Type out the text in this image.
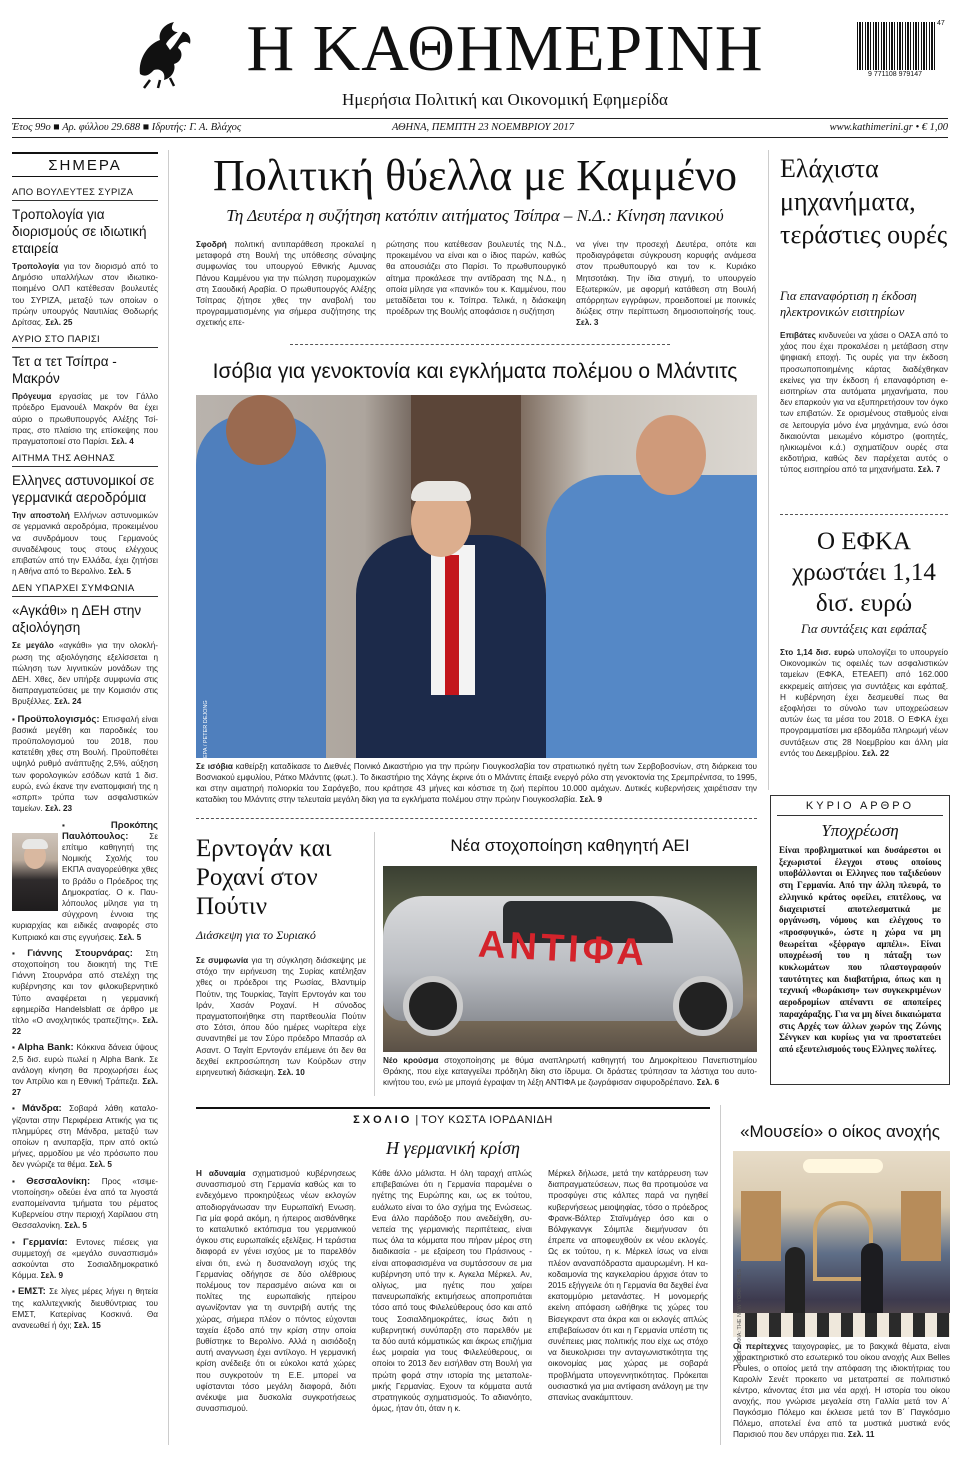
Η ΚΑΘΗΜΕΡΙΝΗ
Ημερήσια Πολιτική και Οικονομική Εφημερίδα
9 771108 979147
47
Έτος 99ο ■ Αρ. φύλλου 29.688 ■ Ιδρυτής: Γ. Α. Βλάχος	ΑΘΗΝΑ, ΠΕΜΠΤΗ 23 ΝΟΕΜΒΡΙΟΥ 2017	www.kathimerini.gr • € 1,00
ΣΗΜΕΡΑ
ΑΠΟ ΒΟΥΛΕΥΤΕΣ ΣΥΡΙΖΑ
Τροπολογία για διορισμούς σε ιδιωτική εταιρεία
Τροπολογία για τον διορισμό από το Δημόσιο υπαλλήλων στον ιδιωτικοποιημένο ΟΛΠ κατέθεσαν βουλευτές του ΣΥΡΙΖΑ, μεταξύ των οποίων ο πρώην υπουργός Ναυτιλίας Θοδωρής Δρίτσας. Σελ. 25
ΑΥΡΙΟ ΣΤΟ ΠΑΡΙΣΙ
Τετ α τετ Τσίπρα - Μακρόν
Πρόγευμα εργασίας με τον Γάλλο πρόεδρο Εμανουέλ Μακρόν θα έχει αύριο ο πρωθυπουργός Αλέξης Τσίπρας, στο πλαίσιο της επίσκεψης που πραγματοποιεί στο Παρίσι. Σελ. 4
ΑΙΤΗΜΑ ΤΗΣ ΑΘΗΝΑΣ
Ελληνες αστυνομικοί σε γερμανικά αεροδρόμια
Την αποστολή Ελλήνων αστυνομικών σε γερμανικά αεροδρόμια, προκειμένου να συνδράμουν τους Γερμανούς συναδέλφους τους στους ελέγχους επιβατών από την Ελλάδα, έχει ζητήσει η Αθήνα από το Βερολίνο. Σελ. 5
ΔΕΝ ΥΠΑΡΧΕΙ ΣΥΜΦΩΝΙΑ
«Αγκάθι» η ΔΕΗ στην αξιολόγηση
Σε μεγάλο «αγκάθι» για την ολοκλήρωση της αξιολόγησης εξελίσσεται η πώληση των λιγνιτικών μονάδων της ΔΕΗ. Χθες, δεν υπήρξε συμφωνία στις διαπραγματεύσεις με την Κομισιόν στις Βρυξέλλες. Σελ. 24
▪ Προϋπολογισμός: Επισφαλή είναι βασικά μεγέθη και παροδικές του προϋπολογισμού του 2018, που κατετέθη χθες στη Βουλή. Προϋποθέτει υψηλό ρυθμό ανάπτυξης 2,5%, αύξηση των φορολογικών εσόδων κατά 1 δισ. ευρώ, ενώ έκανε την εναπομφισιή της η «σπρπ» τρύπα των ασφαλιστικών ταμείων. Σελ. 23
▪ Προκόπης Παυλόπουλος: Σε επίτιμο καθηγητή της Νομικής Σχολής του ΕΚΠΑ αναγορεύθηκε χθες το βράδυ ο Πρόεδρος της Δημοκρατίας. Ο κ. Παυλόπουλος μίλησε για τη σύγχρονη έννοια της κυριαρχίας και ειδικές αναφορές στο Κυπριακό και στις εγγυήσεις. Σελ. 5
▪ Γιάννης Στουρνάρας: Στη στοχοποίηση του διοικητή της ΤτΕ Γιάννη Στουρνάρα από στελέχη της κυβέρνησης και τον φιλοκυβερνητικό Τύπο αναφέρεται η γερμανική εφημερίδα Handelsblatt σε άρθρο με τίτλο «Ο ανοχλητικός τραπεζίτης». Σελ. 22
▪ Alpha Bank: Κόκκινα δάνεια ύψους 2,5 δισ. ευρώ πωλεί η Alpha Bank. Σε ανάλογη κίνηση θα προχωρήσει έως τον Απρίλιο και η Εθνική Τράπεζα. Σελ. 27
▪ Μάνδρα: Σοβαρά λάθη καταλογίζονται στην Περιφέρεια Αττικής για τις πλημμύρες στη Μάνδρα, μεταξύ των οποίων η ανυπαρξία, πριν από οκτώ μήνες, αρμοδίου με νέο πρόσωπο που δεν γνώριζε τα θέμα. Σελ. 5
▪ Θεσσαλονίκη: Προς «τσιμεντοποίηση» οδεύει ένα από τα λιγοστά εναπομείναντα τμήματα του ρέματος Κυβερνείου στην περιοχή Χαρίλαου στη Θεσσαλονίκη. Σελ. 5
▪ Γερμανία: Εντονες πιέσεις για συμμετοχή σε «μεγάλο συνασπισμό» ασκούνται στο Σοσιαλδημοκρατικό Κόμμα. Σελ. 9
▪ ΕΜΣΤ: Σε λίγες μέρες λήγει η θητεία της καλλιτεχνικής διευθύντριας του ΕΜΣΤ, Κατερίνας Κοσκινά. Θα ανανεωθεί ή όχι; Σελ. 15
Πολιτική θύελλα με Καμμένο
Τη Δευτέρα η συζήτηση κατόπιν αιτήματος Τσίπρα – Ν.Δ.: Κίνηση πανικού
Σφοδρή πολιτική αντιπαράθεση προκαλεί η μεταφορά στη Βουλή της υπόθεσης σύναψης συμφωνίας του υπουργού Εθνικής Αμυνας Πάνου Καμμένου για την πώληση πυρομαχικών στη Σαουδική Αραβία. Ο πρωθυπουργός Αλέξης Τσίπρας ζήτησε χθες την αναβολή του προγραμματισμένης για σήμερα συζήτησης της σχετικής επε-
ρώτησης που κατέθεσαν βουλευτές της Ν.Δ., προκειμένου να είναι και ο ίδιος παρών, καθώς θα απουσιάζει στο Παρίσι. Το πρωθυπουργικό αίτημα προκάλεσε την αντίδραση της Ν.Δ., η οποία μίλησε για «πανικό» του κ. Καμμένου, που μεταδίδεται του κ. Τσίπρα. Τελικά, η διάσκεψη προέδρων της Βουλής αποφάσισε η συζήτηση
να γίνει την προσεχή Δευτέρα, οπότε και προδιαγράφεται σύγκρουση κορυφής ανάμεσα στον πρωθυπουργό και τον κ. Κυριάκο Μητσοτάκη. Την ίδια στιγμή, το υπουργείο Εξωτερικών, με αφορμή κατάθεση στη Βουλή απόρρητων εγγράφων, προειδοποιεί με ποινικές διώξεις στην περίπτωση δημοσιοποίησής τους. Σελ. 3
Ισόβια για γενοκτονία και εγκλήματα πολέμου ο Μλάντιτς
EPA / PETER DEJONG
Σε ισόβια καθείρξη καταδίκασε το Διεθνές Ποινικό Δικαστήριο για την πρώην Γιουγκοσλαβία τον στρατιωτικό ηγέτη των Σερβοβοσνίων, στη διάρκεια του Βοσνιακού εμφυλίου, Ράτκο Μλάντιτς (φωτ.). Το δικαστήριο της Χάγης έκρινε ότι ο Μλάντιτς έπαιξε ενεργό ρόλο στη γενοκτονία της Σρεμπρένιτσα, το 1995, και στην αιματηρή πολιορκία του Σαράγεβο, που κράτησε 43 μήνες και κόστισε τη ζωή περίπου 10.000 αμάχων. Δυτικές κυβερνήσεις χαιρέτισαν την καταδίκη του Μλάντιτς στην τελευταία μεγάλη δίκη για τα εγκλήματα πολέμου στην πρώην Γιουγκοσλαβία. Σελ. 9
Ερντογάν και Ροχανί στον Πούτιν
Διάσκεψη για το Συριακό
Σε συμφωνία για τη σύγκληση διάσκεψης με στόχο την ειρήνευση της Συρίας κατέληξαν χθες οι πρόεδροι της Ρωσίας, Βλαντιμίρ Πούτιν, της Τουρκίας, Ταγίπ Ερντογάν και του Ιράν, Χασάν Ροχανί. Η σύνοδος πραγματοποιήθηκε στη παρτθεουλία Πούτιν στο Σότσι, όπου δύο ημέρες νωρίτερα είχε συναντηθεί με τον Σύρο πρόεδρο Μπασάρ αλ Ασαντ. Ο Ταγίπ Ερντογάν επέμεινε ότι δεν θα δεχθεί εκπροσώπηση των Κούρδων στην ειρηνευτική διάσκεψη. Σελ. 10
Νέα στοχοποίηση καθηγητή ΑΕΙ
ΑΝΤΙΦΑ
Νέο κρούσμα στοχοποίησης με θύμα αναπληρωτή καθηγητή του Δημοκρίτειου Πανεπιστημίου Θράκης, που είχε καταγγείλει πρόδηλη δίκη στο ίδρυμα. Οι δράστες τρύπησαν τα λάστιχα του αυτοκινήτου του, ενώ με μπογιά έγραψαν τη λέξη ΑΝΤΙΦΑ με ζωγράφισαν σιφυροδρέπανο. Σελ. 6
Ελάχιστα μηχανήματα, τεράστιες ουρές
Για επαναφόρτιση η έκδοση ηλεκτρονικών εισιτηρίων
Επιβάτες κινδυνεύει να χάσει ο ΟΑΣΑ από το χάος που έχει προκαλέσει η μετάβαση στην ψηφιακή εποχή. Τις ουρές για την έκδοση προσωποποιημένης κάρτας διαδέχθηκαν εκείνες για την έκδοση ή επαναφόρτιση e-εισιτηρίων στα αυτόματα μηχανήματα, που δεν επαρκούν για να εξυπηρετήσουν τον όγκο των επιβατών. Σε ορισμένους σταθμούς είναι σε λειτουργία μόνο ένα μηχάνημα, ενώ όσοι δικαιούνται μειωμένο κόμιστρο (φοιτητές, ηλικιωμένοι κ.ά.) σχηματίζουν ουρές στα εκδοτήρια, καθώς δεν παρέχεται αυτός ο τύπος εισιτηρίου από τα μηχανήματα. Σελ. 7
Ο ΕΦΚΑ χρωστάει 1,14 δισ. ευρώ
Για συντάξεις και εφάπαξ
Στο 1,14 δισ. ευρώ υπολογίζει το υπουργείο Οικονομικών τις οφειλές των ασφαλιστικών ταμείων (ΕΦΚΑ, ΕΤΕΑΕΠ) από 162.000 εκκρεμείς αιτήσεις για συντάξεις και εφάπαξ. Η κυβέρνηση έχει δεσμευθεί πως θα εξοφλήσει το σύνολο των υποχρεώσεων αυτών έως τα μέσα του 2018. Ο ΕΦΚΑ έχει προγραμματίσει μια εβδομάδα πληρωμή νέων συντάξεων στις 28 Νοεμβρίου και άλλη μία εντός του Δεκεμβρίου. Σελ. 22
ΚΥΡΙΟ ΑΡΘΡΟ
Υποχρέωση
Είναι προβληματικοί και δυσάρεστοι οι ξεχωριστοί έλεγχοι στους οποίους υποβάλλονται οι Ελληνες που ταξιδεύουν στη Γερμανία. Από την άλλη πλευρά, το ελληνικό κράτος οφείλει, επιτέλους, να διαχειριστεί αποτελεσματικά με οργάνωση, νόμους και ελέγχους το «προσφυγικό», ώστε η χώρα να μη θεωρείται «ξέφραγο αμπέλι». Είναι υποχρέωσή του η πάταξη των κυκλωμάτων που πλαστογραφούν ταυτότητες και διαβατήρια, όπως και η τεχνική «θωράκιση» των συγκεκριμένων αεροδρομίων απέναντι σε αποπείρες παραχάραξης. Για να μη δίνει δικαιώματα στις Αρχές των άλλων χωρών της Ζώνης Σένγκεν και κυρίως για να προστατεύει από εξευτελισμούς τους Ελληνες πολίτες.
ΣΧΟΛΙΟ | ΤΟΥ ΚΩΣΤΑ ΙΟΡΔΑΝΙΔΗ
Η γερμανική κρίση
Η αδυναμία σχηματισμού κυβέρνησεως συνασπισμού στη Γερμανία καθώς και το ενδεχόμενο προκηρύξεως νέων εκλογών αποδιοργάνωσαν την Ευρωπαϊκή Ενωση. Για μία φορά ακόμη, η ήπειρος αισθάνθηκε το καταλυτικό εκτόπισμα του γερμανικού όγκου στις ευρωπαϊκές εξελίξεις. Η τεράστια διαφορά εν γένει ισχύος με το παρελθόν είναι ότι, ενώ η δυσαναλογη ισχύς της Γερμανίας οδήγησε σε δύο ολέθριους πολέμους τον περασμένο αιώνα και οι πολίτες της ευρωπαϊκής ηπείρου αγωνίζονταν για τη συντριβή αυτής της χώρας, σήμερα πλέον ο πόντος εύχονται ταχεία έξοδο από την κρίση στην οποία βυθίστηκε το Βερολίνο. Αλλά η αισιόδοξη αυτή αναγνωση έχει αντίλογο. Η γερμανική κρίση ανέδειξε ότι οι εύκολοι κατά χώρες που συγκροτούν τη Ε.Ε. μπορεί να υφίστανται τόσο μεγάλη διαφορά, διότι ανέκυψε μια δυσκολία συγκροτήσεως συνασπισμού.
Κάθε άλλο μάλιστα. Η όλη ταραχή απλώς επιβεβαιώνει ότι η Γερμανία παραμένει ο ηγέτης της Ευρώπης και, ως εκ τούτου, ευάλωτο είναι το όλο σχήμα της Ενώσεως. Ενα άλλο παράδοξο που ανεδείχθη, συνεπεία της γερμανικής περιπέτειας, είναι πως όλα τα κόμματα που πήραν μέρος στη διαδικασία - με εξαίρεση του Πράσινους - είναι αποφασισμένα να συμτάσσουν σε μια κυβέρνηση υπό την κ. Αγκελα Μέρκελ. Αν, ολίγως, μια ηγέτις που χαίρει πανευρωπαϊκής εκτιμήσεως αποπροπιάται τόσο από τους Φιλελεύθερους όσο και από τους Σοσιαλδημοκράτες, ίσως διότι η κυβερνητική συνύπαρξη στο παρελθόν με τα δύο αυτά κόμματικώς και άκρως επιζήμια έως μοιραία για τους Φιλελεύθερους, οι οποίοι το 2013 δεν εισήλθαν στη Βουλή για πρώτη φορά στην ιστορία της μεταπολεμικής Γερμανίας. Εχουν τα κόμματα αυτά στρατηγικούς σχηματισμούς. Το αδιανόητο, όμως, ήταν ότι, όταν η κ.
Μέρκελ δήλωσε, μετά την κατάρρευση των διαπραγματεύσεων, πως θα προτιμούσε να προσφύγει στις κάλπες παρά να ηγηθεί κυβερνήσεως μειοψηφίας, τόσο ο πρόεδρος Φρανκ-Βάλτερ Σταϊνμάγερ όσο και ο Βόλφγκανγκ Σόιμπλε διεμήνυσαν ότι έπρεπε να αποφευχθούν εκ νέου εκλογές. Ως εκ τούτου, η κ. Μέρκελ ίσως να είναι πλέον αναναπόδραστα αμαυρωμένη. Η κακοδαιμονία της καγκελαρίου άρχισε όταν το 2015 εξήγγειλε ότι η Γερμανία θα δεχθεί ένα εκατομμύριο μετανάστες. Η μονομερής εκείνη απόφαση ωθήθηκε τις χώρες του Βίσεγκραντ στα άκρα και οι εκλογές απλώς επιβεβαίωσαν ότι και η Γερμανία υπέστη τις συνέπειες μιας πολιτικής που είχε ως στόχο να διευκολρισει την ανταγωνιστικότητα της οικονομίας μας χώρας με σοβαρά προβλήματα υπογεννητικότητας. Πρόκειται ουσιαστικά για μια αντίφαση ανάλογη με την σπανίως ανακάμπτουν.
«Μουσείο» ο οίκος ανοχής
ΦΩΤΟΓΡΑΦΙΑ: THE NEW YORK TIMES
Οι περίτεχνες ταιχογραφίες, με το βακχικά θέματα, είναι χαρακτηριστικό στο εσωτερικό του οίκου ανοχής Aux Belles Poules, ο οποίος μετά την απόφαση της ιδιοκτήτριας του Καρολίν Σενέτ προκειτο να μετατραπεί σε πολιτιστικό κέντρο, κάνοντας έτσι μια νέα αρχή. Η ιστορία του οίκου ανοχής, που γνώρισε μεγαλεία στη Γαλλία μετά τον Α΄ Παγκόσμιο Πόλεμο και έκλεισε μετά τον Β΄ Παγκόσμιο Πόλεμο, αποτελεί ένα από τα μυστικά μυστικά ενός Παρισιού που δεν υπάρχει πια. Σελ. 11
